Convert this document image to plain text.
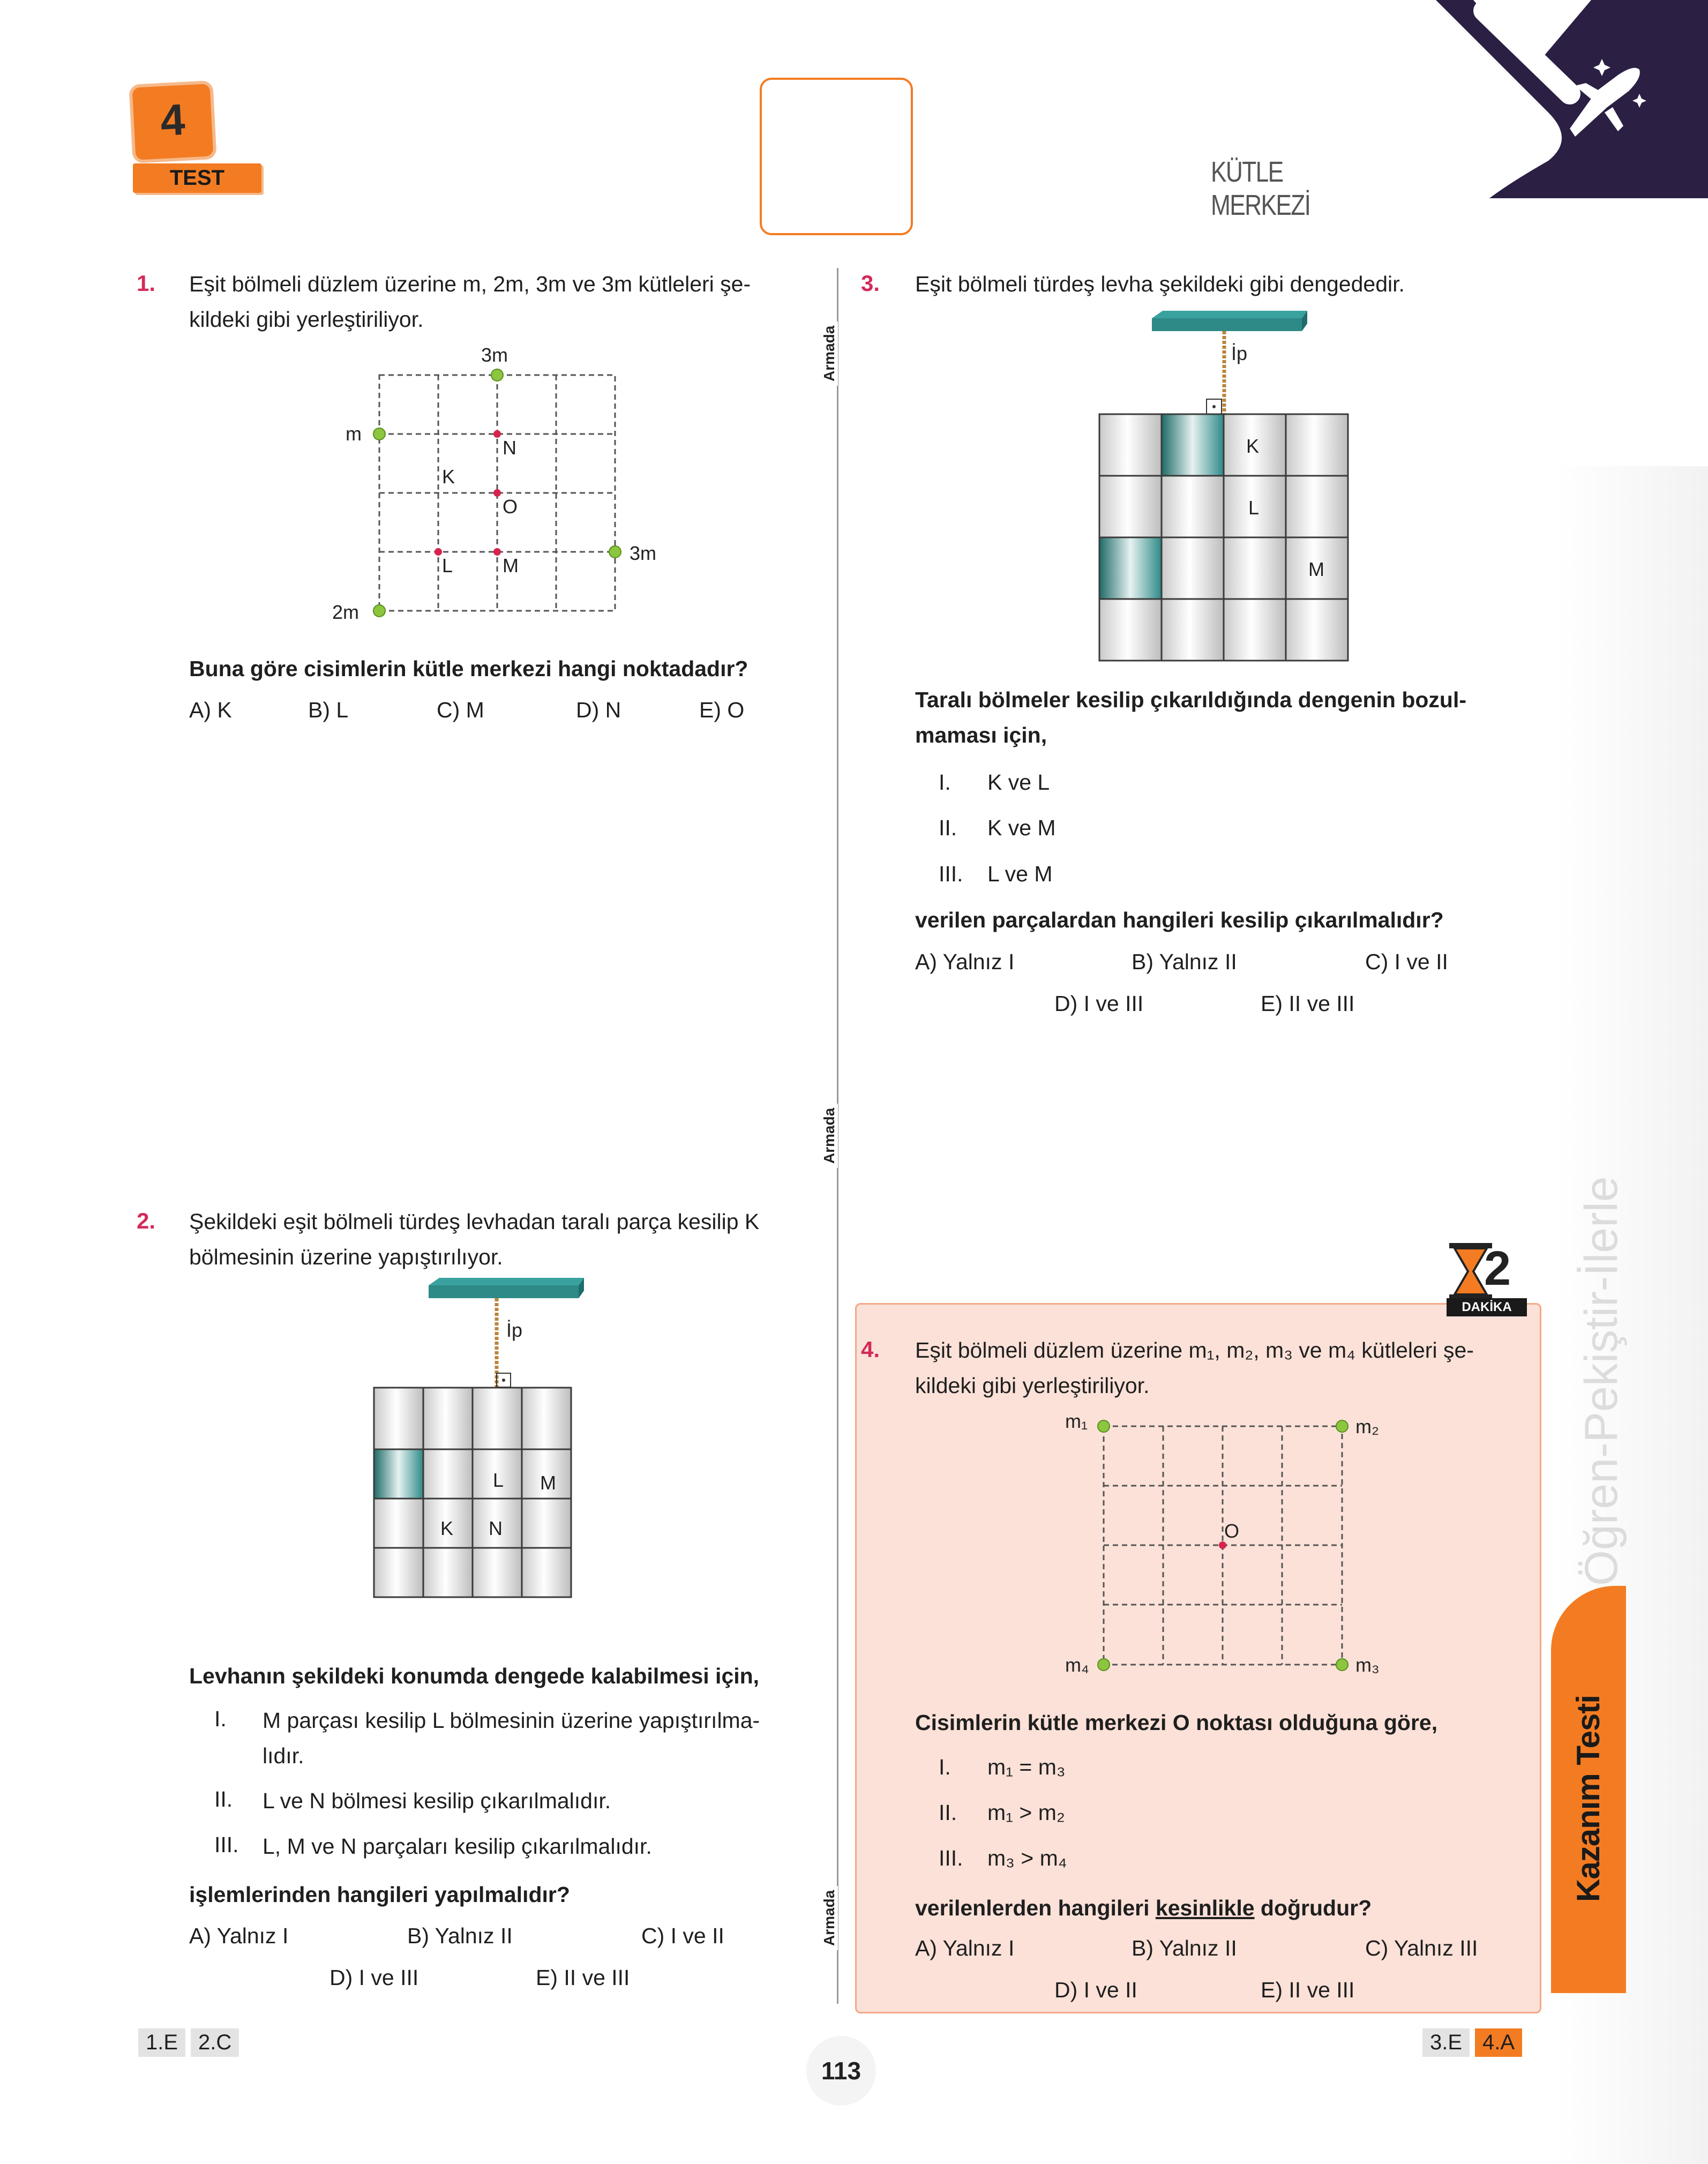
4
TEST	KÜTLE MERKEZİ
Öğren-Pekiştir-İlerle
Kazanım Testi
Armada
Armada
Armada
1. Eşit bölmeli düzlem üzerine m, 2m, 3m ve 3m kütleleri şe-
kildeki gibi yerleştiriliyor.
3m
m
3m
2m
N
K
O
L	M
Buna göre cisimlerin kütle merkezi hangi noktadadır?
A) K	B) L	C) M	D) N	E) O
2. Şekildeki eşit bölmeli türdeş levhadan taralı parça kesilip K
bölmesinin üzerine yapıştırılıyor.
İp
L M
K N
Levhanın şekildeki konumda dengede kalabilmesi için,
I. M parçası kesilip L bölmesinin üzerine yapıştırılma-
lıdır.
II. L ve N bölmesi kesilip çıkarılmalıdır.
III. L, M ve N parçaları kesilip çıkarılmalıdır.
işlemlerinden hangileri yapılmalıdır?
A) Yalnız I	B) Yalnız II	C) I ve II
D) I ve III	E) II ve III
3. Eşit bölmeli türdeş levha şekildeki gibi dengededir.
İp
K
L
M
Taralı bölmeler kesilip çıkarıldığında dengenin bozul-
maması için,
I. K ve L
II. K ve M
III. L ve M
verilen parçalardan hangileri kesilip çıkarılmalıdır?
A) Yalnız I	B) Yalnız II	C) I ve II
D) I ve III	E) II ve III
2
DAKİKA
4. Eşit bölmeli düzlem üzerine m₁, m₂, m₃ ve m₄ kütleleri şe-
kildeki gibi yerleştiriliyor.
m₁	m₂
m₃
m₄
O
Cisimlerin kütle merkezi O noktası olduğuna göre,
I. m₁ = m₃
II. m₁ > m₂
III. m₃ > m₄
verilenlerden hangileri kesinlikle doğrudur?
A) Yalnız I	B) Yalnız II	C) Yalnız III
D) I ve II	E) II ve III
1.E 2.C
113
3.E 4.A
